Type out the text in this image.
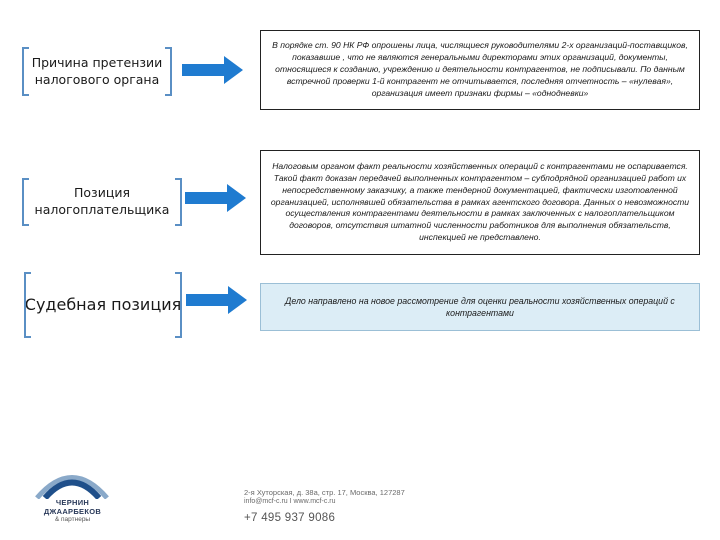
Причина претензии налогового органа
В порядке ст. 90 НК РФ опрошены лица, числящиеся руководителями 2-х организаций-поставщиков, показавшие , что не являются генеральными директорами этих организаций, документы, относящиеся к созданию, учреждению и деятельности контрагентов, не подписывали. По данным встречной проверки 1-й контрагент не отчитывается, последняя отчетность – «нулевая», организация имеет признаки фирмы – «однодневки»
Позиция налогоплательщика
Налоговым органом факт реальности хозяйственных операций с контрагентами не оспаривается. Такой факт доказан передачей выполненных контрагентом – субподрядной организацией работ их непосредственному заказчику, а также тендерной документацией, фактически изготовленной организацией, исполнявшей обязательства в рамках агентского договора. Данных о невозможности осуществления контрагентами деятельности в рамках заключенных с налогоплательщиком договоров, отсутствия штатной численности работников для выполнения обязательств, инспекцией не представлено.
Судебная позиция	Дело направлено на новое рассмотрение для оценки реальности хозяйственных операций с контрагентами
ЧЕРНИН
ДЖААРБЕКОВ
& партнеры
2-я Хуторская, д. 38а, стр. 17, Москва, 127287
info@mcf-c.ru I www.mcf-c.ru
+7 495 937 9086
